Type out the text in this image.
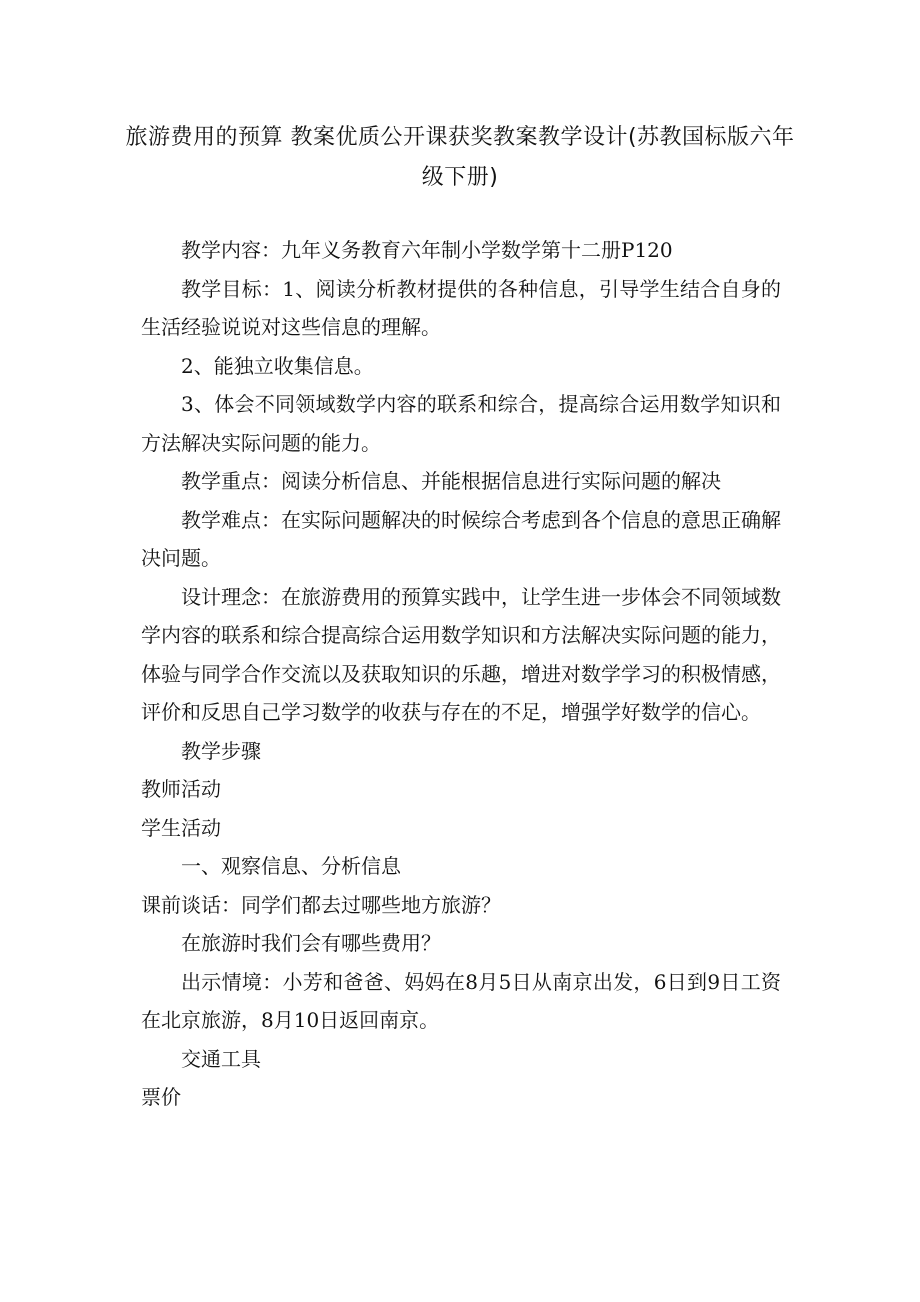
旅游费用的预算 教案优质公开课获奖教案教学设计(苏教国标版六年级下册)

教学内容：九年义务教育六年制小学数学第十二册P120

教学目标：1、阅读分析教材提供的各种信息，引导学生结合自身的生活经验说说对这些信息的理解。

2、能独立收集信息。

3、体会不同领域数学内容的联系和综合，提高综合运用数学知识和方法解决实际问题的能力。

教学重点：阅读分析信息、并能根据信息进行实际问题的解决

教学难点：在实际问题解决的时候综合考虑到各个信息的意思正确解决问题。

设计理念：在旅游费用的预算实践中，让学生进一步体会不同领域数学内容的联系和综合提高综合运用数学知识和方法解决实际问题的能力，体验与同学合作交流以及获取知识的乐趣，增进对数学学习的积极情感，评价和反思自己学习数学的收获与存在的不足，增强学好数学的信心。

教学步骤

教师活动

学生活动

一、观察信息、分析信息

课前谈话：同学们都去过哪些地方旅游？

在旅游时我们会有哪些费用？

出示情境：小芳和爸爸、妈妈在8月5日从南京出发，6日到9日工资在北京旅游，8月10日返回南京。

交通工具

票价
